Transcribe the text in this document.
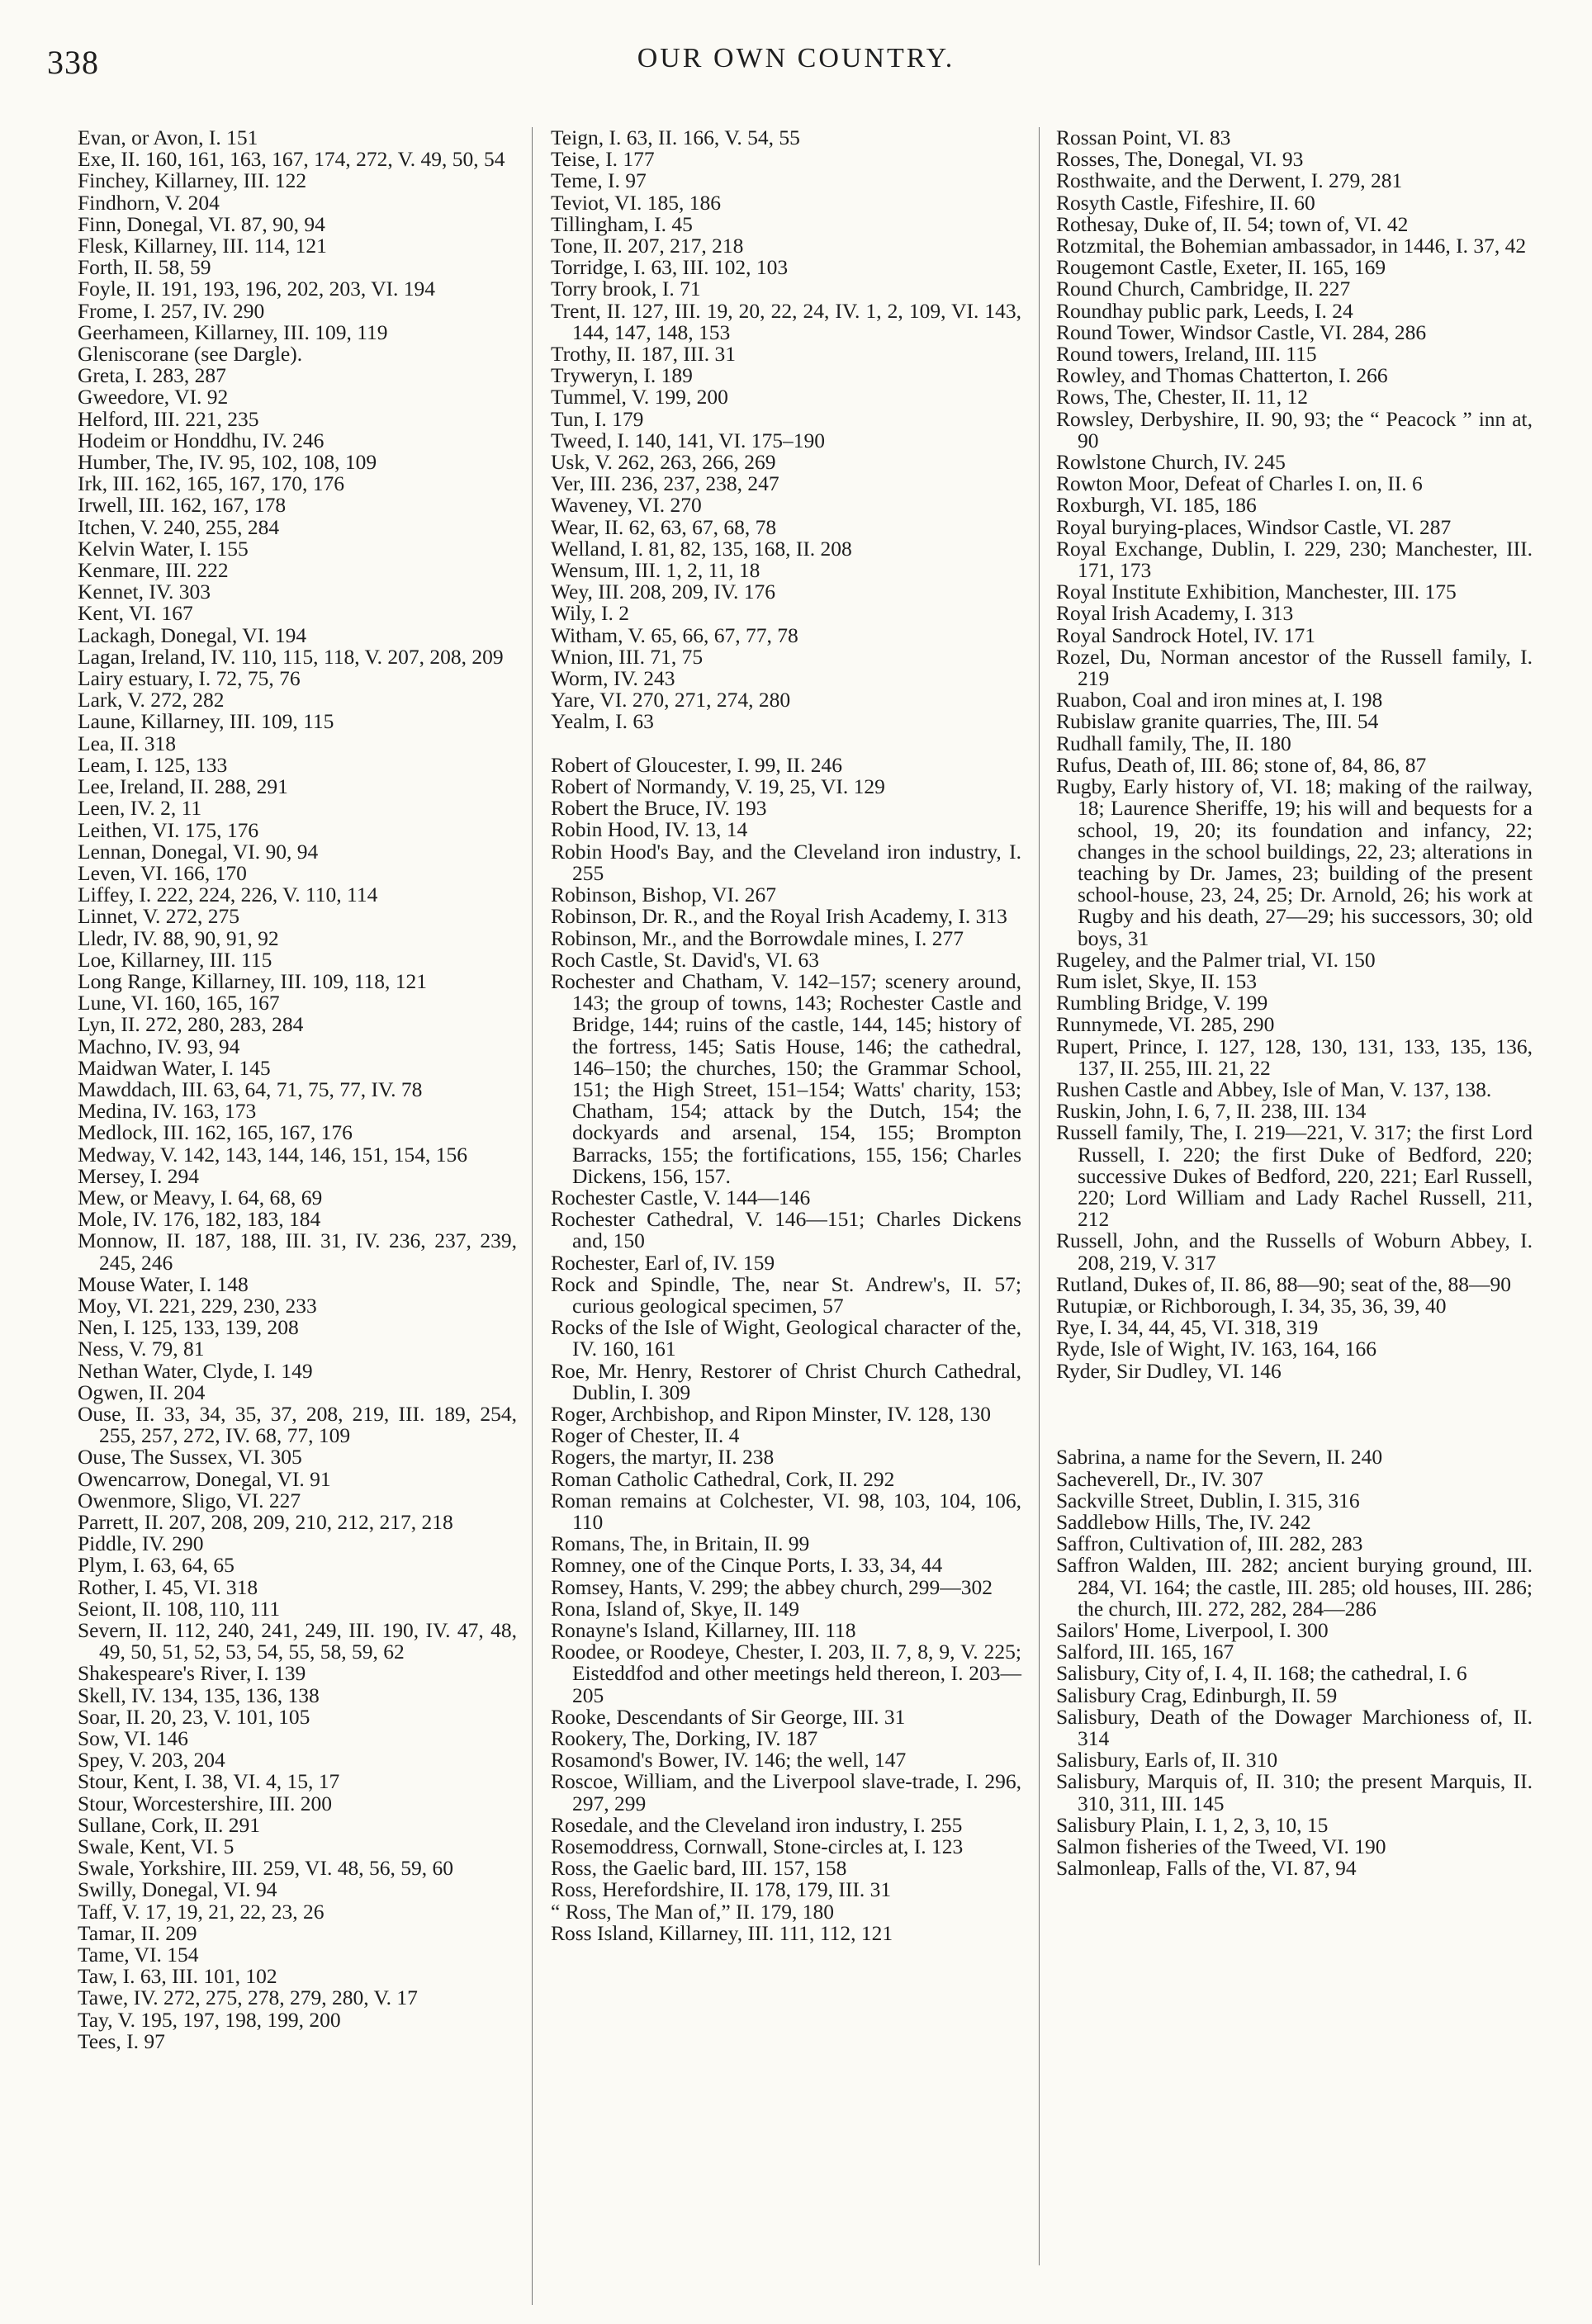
338	OUR OWN COUNTRY.
Evan, or Avon, I. 151
Exe, II. 160, 161, 163, 167, 174, 272, V. 49, 50, 54
Finchey, Killarney, III. 122
Findhorn, V. 204
Finn, Donegal, VI. 87, 90, 94
Flesk, Killarney, III. 114, 121
Forth, II. 58, 59
Foyle, II. 191, 193, 196, 202, 203, VI. 194
Frome, I. 257, IV. 290
Geerhameen, Killarney, III. 109, 119
Gleniscorane (see Dargle).
Greta, I. 283, 287
Gweedore, VI. 92
Helford, III. 221, 235
Hodeim or Honddhu, IV. 246
Humber, The, IV. 95, 102, 108, 109
Irk, III. 162, 165, 167, 170, 176
Irwell, III. 162, 167, 178
Itchen, V. 240, 255, 284
Kelvin Water, I. 155
Kenmare, III. 222
Kennet, IV. 303
Kent, VI. 167
Lackagh, Donegal, VI. 194
Lagan, Ireland, IV. 110, 115, 118, V. 207, 208, 209
Lairy estuary, I. 72, 75, 76
Lark, V. 272, 282
Laune, Killarney, III. 109, 115
Lea, II. 318
Leam, I. 125, 133
Lee, Ireland, II. 288, 291
Leen, IV. 2, 11
Leithen, VI. 175, 176
Lennan, Donegal, VI. 90, 94
Leven, VI. 166, 170
Liffey, I. 222, 224, 226, V. 110, 114
Linnet, V. 272, 275
Lledr, IV. 88, 90, 91, 92
Loe, Killarney, III. 115
Long Range, Killarney, III. 109, 118, 121
Lune, VI. 160, 165, 167
Lyn, II. 272, 280, 283, 284
Machno, IV. 93, 94
Maidwan Water, I. 145
Mawddach, III. 63, 64, 71, 75, 77, IV. 78
Medina, IV. 163, 173
Medlock, III. 162, 165, 167, 176
Medway, V. 142, 143, 144, 146, 151, 154, 156
Mersey, I. 294
Mew, or Meavy, I. 64, 68, 69
Mole, IV. 176, 182, 183, 184
Monnow, II. 187, 188, III. 31, IV. 236, 237, 239, 245, 246
Mouse Water, I. 148
Moy, VI. 221, 229, 230, 233
Nen, I. 125, 133, 139, 208
Ness, V. 79, 81
Nethan Water, Clyde, I. 149
Ogwen, II. 204
Ouse, II. 33, 34, 35, 37, 208, 219, III. 189, 254, 255, 257, 272, IV. 68, 77, 109
Ouse, The Sussex, VI. 305
Owencarrow, Donegal, VI. 91
Owenmore, Sligo, VI. 227
Parrett, II. 207, 208, 209, 210, 212, 217, 218
Piddle, IV. 290
Plym, I. 63, 64, 65
Rother, I. 45, VI. 318
Seiont, II. 108, 110, 111
Severn, II. 112, 240, 241, 249, III. 190, IV. 47, 48, 49, 50, 51, 52, 53, 54, 55, 58, 59, 62
Shakespeare's River, I. 139
Skell, IV. 134, 135, 136, 138
Soar, II. 20, 23, V. 101, 105
Sow, VI. 146
Spey, V. 203, 204
Stour, Kent, I. 38, VI. 4, 15, 17
Stour, Worcestershire, III. 200
Sullane, Cork, II. 291
Swale, Kent, VI. 5
Swale, Yorkshire, III. 259, VI. 48, 56, 59, 60
Swilly, Donegal, VI. 94
Taff, V. 17, 19, 21, 22, 23, 26
Tamar, II. 209
Tame, VI. 154
Taw, I. 63, III. 101, 102
Tawe, IV. 272, 275, 278, 279, 280, V. 17
Tay, V. 195, 197, 198, 199, 200
Tees, I. 97
Teign, I. 63, II. 166, V. 54, 55
Teise, I. 177
Teme, I. 97
Teviot, VI. 185, 186
Tillingham, I. 45
Tone, II. 207, 217, 218
Torridge, I. 63, III. 102, 103
Torry brook, I. 71
Trent, II. 127, III. 19, 20, 22, 24, IV. 1, 2, 109, VI. 143, 144, 147, 148, 153
Trothy, II. 187, III. 31
Tryweryn, I. 189
Tummel, V. 199, 200
Tun, I. 179
Tweed, I. 140, 141, VI. 175–190
Usk, V. 262, 263, 266, 269
Ver, III. 236, 237, 238, 247
Waveney, VI. 270
Wear, II. 62, 63, 67, 68, 78
Welland, I. 81, 82, 135, 168, II. 208
Wensum, III. 1, 2, 11, 18
Wey, III. 208, 209, IV. 176
Wily, I. 2
Witham, V. 65, 66, 67, 77, 78
Wnion, III. 71, 75
Worm, IV. 243
Yare, VI. 270, 271, 274, 280
Yealm, I. 63
Robert of Gloucester, I. 99, II. 246
Robert of Normandy, V. 19, 25, VI. 129
Robert the Bruce, IV. 193
Robin Hood, IV. 13, 14
Robin Hood's Bay, and the Cleveland iron industry, I. 255
Robinson, Bishop, VI. 267
Robinson, Dr. R., and the Royal Irish Academy, I. 313
Robinson, Mr., and the Borrowdale mines, I. 277
Roch Castle, St. David's, VI. 63
Rochester and Chatham, V. 142–157; scenery around, 143; the group of towns, 143; Rochester Castle and Bridge, 144; ruins of the castle, 144, 145; history of the fortress, 145; Satis House, 146; the cathedral, 146–150; the churches, 150; the Grammar School, 151; the High Street, 151–154; Watts' charity, 153; Chatham, 154; attack by the Dutch, 154; the dockyards and arsenal, 154, 155; Brompton Barracks, 155; the fortifications, 155, 156; Charles Dickens, 156, 157.
Rochester Castle, V. 144—146
Rochester Cathedral, V. 146—151; Charles Dickens and, 150
Rochester, Earl of, IV. 159
Rock and Spindle, The, near St. Andrew's, II. 57; curious geological specimen, 57
Rocks of the Isle of Wight, Geological character of the, IV. 160, 161
Roe, Mr. Henry, Restorer of Christ Church Cathedral, Dublin, I. 309
Roger, Archbishop, and Ripon Minster, IV. 128, 130
Roger of Chester, II. 4
Rogers, the martyr, II. 238
Roman Catholic Cathedral, Cork, II. 292
Roman remains at Colchester, VI. 98, 103, 104, 106, 110
Romans, The, in Britain, II. 99
Romney, one of the Cinque Ports, I. 33, 34, 44
Romsey, Hants, V. 299; the abbey church, 299—302
Rona, Island of, Skye, II. 149
Ronayne's Island, Killarney, III. 118
Roodee, or Roodeye, Chester, I. 203, II. 7, 8, 9, V. 225; Eisteddfod and other meetings held thereon, I. 203—205
Rooke, Descendants of Sir George, III. 31
Rookery, The, Dorking, IV. 187
Rosamond's Bower, IV. 146; the well, 147
Roscoe, William, and the Liverpool slave-trade, I. 296, 297, 299
Rosedale, and the Cleveland iron industry, I. 255
Rosemoddress, Cornwall, Stone-circles at, I. 123
Ross, the Gaelic bard, III. 157, 158
Ross, Herefordshire, II. 178, 179, III. 31
“ Ross, The Man of,” II. 179, 180
Ross Island, Killarney, III. 111, 112, 121
Rossan Point, VI. 83
Rosses, The, Donegal, VI. 93
Rosthwaite, and the Derwent, I. 279, 281
Rosyth Castle, Fifeshire, II. 60
Rothesay, Duke of, II. 54; town of, VI. 42
Rotzmital, the Bohemian ambassador, in 1446, I. 37, 42
Rougemont Castle, Exeter, II. 165, 169
Round Church, Cambridge, II. 227
Roundhay public park, Leeds, I. 24
Round Tower, Windsor Castle, VI. 284, 286
Round towers, Ireland, III. 115
Rowley, and Thomas Chatterton, I. 266
Rows, The, Chester, II. 11, 12
Rowsley, Derbyshire, II. 90, 93; the “ Peacock ” inn at, 90
Rowlstone Church, IV. 245
Rowton Moor, Defeat of Charles I. on, II. 6
Roxburgh, VI. 185, 186
Royal burying-places, Windsor Castle, VI. 287
Royal Exchange, Dublin, I. 229, 230; Manchester, III. 171, 173
Royal Institute Exhibition, Manchester, III. 175
Royal Irish Academy, I. 313
Royal Sandrock Hotel, IV. 171
Rozel, Du, Norman ancestor of the Russell family, I. 219
Ruabon, Coal and iron mines at, I. 198
Rubislaw granite quarries, The, III. 54
Rudhall family, The, II. 180
Rufus, Death of, III. 86; stone of, 84, 86, 87
Rugby, Early history of, VI. 18; making of the railway, 18; Laurence Sheriffe, 19; his will and bequests for a school, 19, 20; its foundation and infancy, 22; changes in the school buildings, 22, 23; alterations in teaching by Dr. James, 23; building of the present school-house, 23, 24, 25; Dr. Arnold, 26; his work at Rugby and his death, 27—29; his successors, 30; old boys, 31
Rugeley, and the Palmer trial, VI. 150
Rum islet, Skye, II. 153
Rumbling Bridge, V. 199
Runnymede, VI. 285, 290
Rupert, Prince, I. 127, 128, 130, 131, 133, 135, 136, 137, II. 255, III. 21, 22
Rushen Castle and Abbey, Isle of Man, V. 137, 138.
Ruskin, John, I. 6, 7, II. 238, III. 134
Russell family, The, I. 219—221, V. 317; the first Lord Russell, I. 220; the first Duke of Bedford, 220; successive Dukes of Bedford, 220, 221; Earl Russell, 220; Lord William and Lady Rachel Russell, 211, 212
Russell, John, and the Russells of Woburn Abbey, I. 208, 219, V. 317
Rutland, Dukes of, II. 86, 88—90; seat of the, 88—90
Rutupiæ, or Richborough, I. 34, 35, 36, 39, 40
Rye, I. 34, 44, 45, VI. 318, 319
Ryde, Isle of Wight, IV. 163, 164, 166
Ryder, Sir Dudley, VI. 146
Sabrina, a name for the Severn, II. 240
Sacheverell, Dr., IV. 307
Sackville Street, Dublin, I. 315, 316
Saddlebow Hills, The, IV. 242
Saffron, Cultivation of, III. 282, 283
Saffron Walden, III. 282; ancient burying ground, III. 284, VI. 164; the castle, III. 285; old houses, III. 286; the church, III. 272, 282, 284—286
Sailors' Home, Liverpool, I. 300
Salford, III. 165, 167
Salisbury, City of, I. 4, II. 168; the cathedral, I. 6
Salisbury Crag, Edinburgh, II. 59
Salisbury, Death of the Dowager Marchioness of, II. 314
Salisbury, Earls of, II. 310
Salisbury, Marquis of, II. 310; the present Marquis, II. 310, 311, III. 145
Salisbury Plain, I. 1, 2, 3, 10, 15
Salmon fisheries of the Tweed, VI. 190
Salmonleap, Falls of the, VI. 87, 94
